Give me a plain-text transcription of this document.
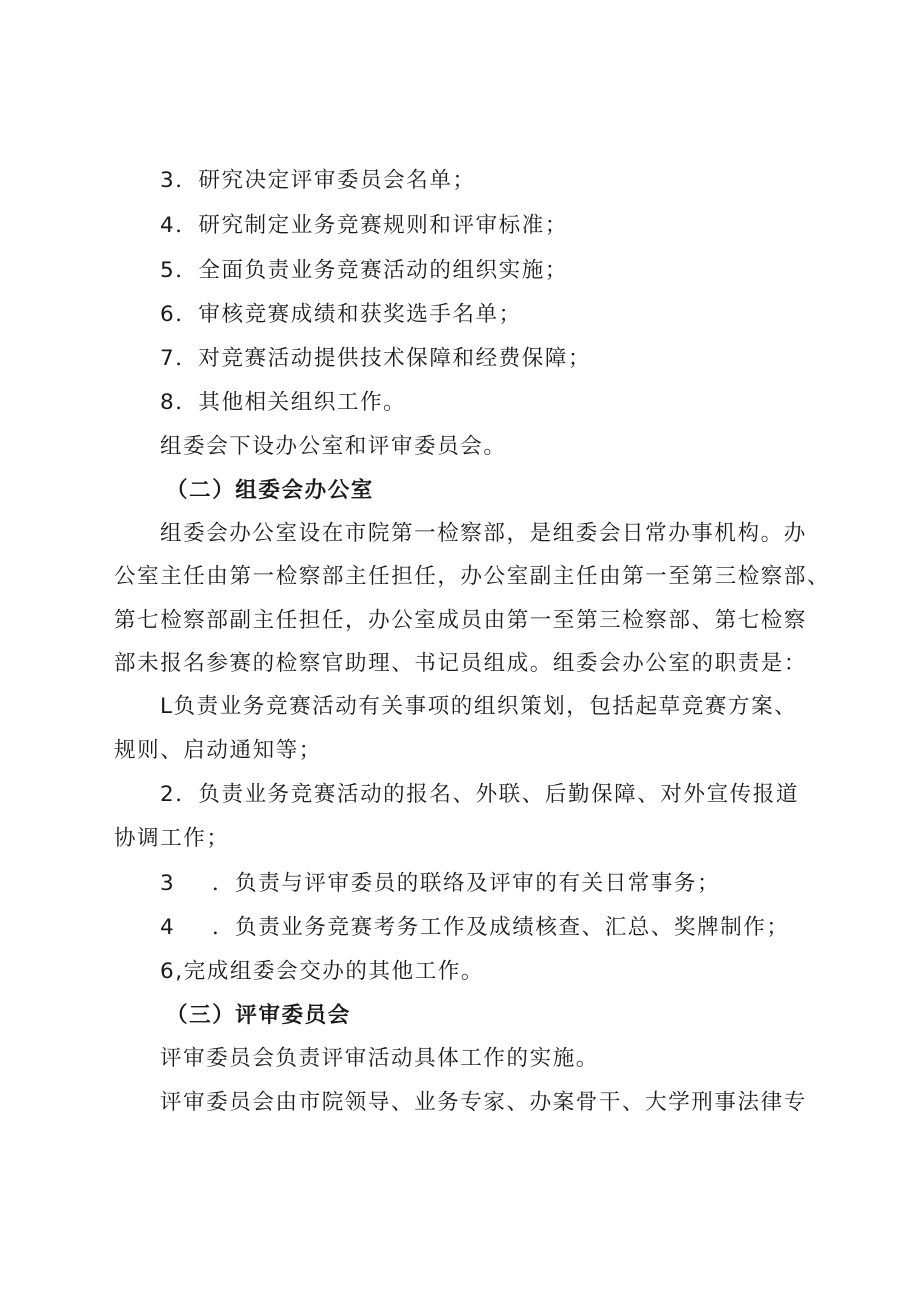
3．研究决定评审委员会名单；
4．研究制定业务竞赛规则和评审标准；
5．全面负责业务竞赛活动的组织实施；
6．审核竞赛成绩和获奖选手名单；
7．对竞赛活动提供技术保障和经费保障；
8．其他相关组织工作。
组委会下设办公室和评审委员会。
（二）组委会办公室
组委会办公室设在市院第一检察部，是组委会日常办事机构。办
公室主任由第一检察部主任担任，办公室副主任由第一至第三检察部、
第七检察部副主任担任，办公室成员由第一至第三检察部、第七检察
部未报名参赛的检察官助理、书记员组成。组委会办公室的职责是：
L负责业务竞赛活动有关事项的组织策划，包括起草竞赛方案、
规则、启动通知等；
2．负责业务竞赛活动的报名、外联、后勤保障、对外宣传报道
协调工作；
3 ．负责与评审委员的联络及评审的有关日常事务；
4 ．负责业务竞赛考务工作及成绩核查、汇总、奖牌制作；
6,完成组委会交办的其他工作。
（三）评审委员会
评审委员会负责评审活动具体工作的实施。
评审委员会由市院领导、业务专家、办案骨干、大学刑事法律专
